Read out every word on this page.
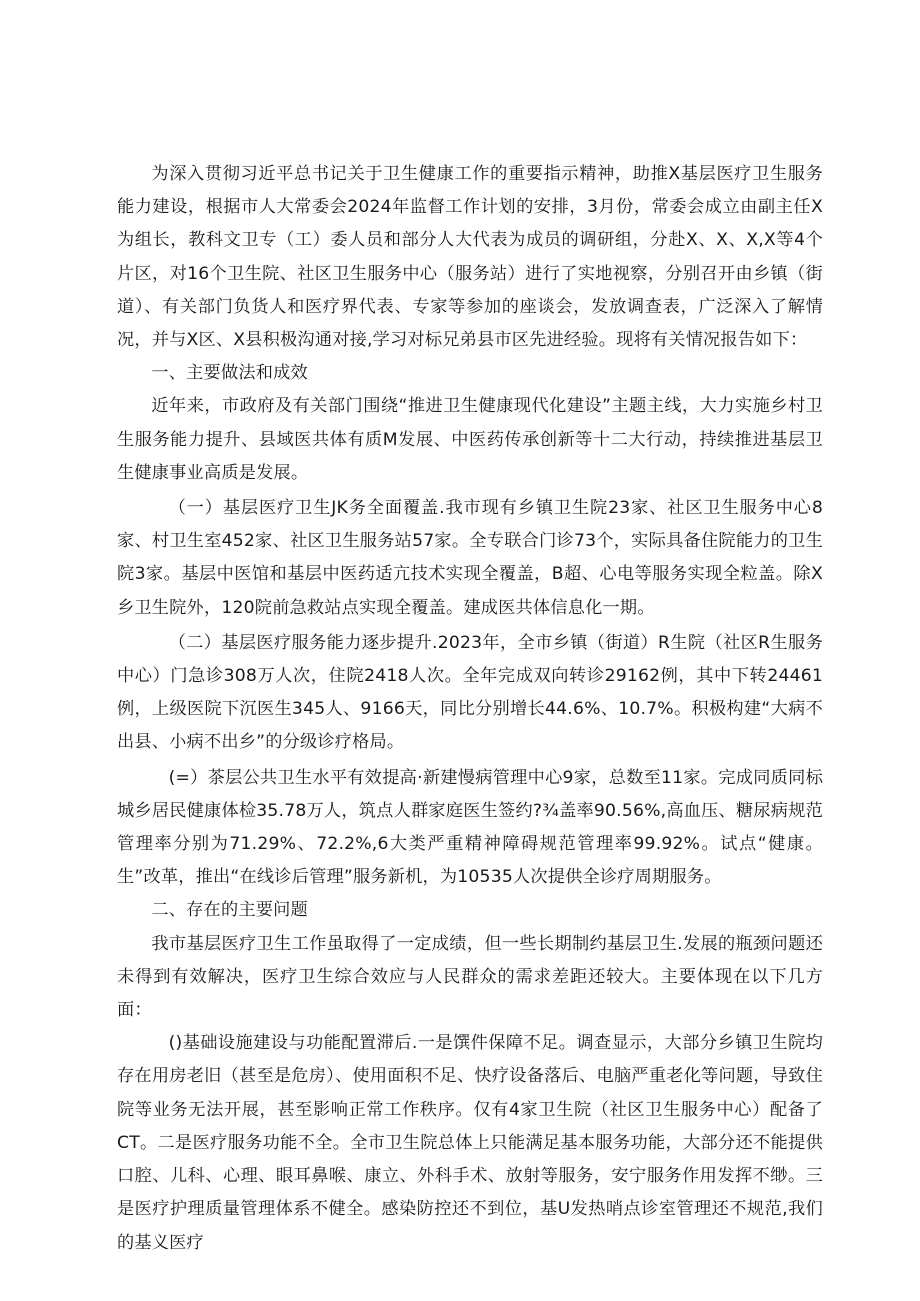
为深入贯彻习近平总书记关于卫生健康工作的重要指示精神，助推X基层医疗卫生服务能力建设，根据市人大常委会2024年监督工作计划的安排，3月份，常委会成立由副主任X为组长，教科文卫专（工）委人员和部分人大代表为成员的调研组，分赴X、X、X,X等4个片区，对16个卫生院、社区卫生服务中心（服务站）进行了实地视察，分别召开由乡镇（街道）、有关部门负货人和医疗界代表、专家等参加的座谈会，发放调查表，广泛深入了解情况，并与X区、X县积极沟通对接,学习对标兄弟县市区先进经验。现将有关情况报告如下：

一、主要做法和成效

近年来，市政府及有关部门围绕“推进卫生健康现代化建设”主题主线，大力实施乡村卫生服务能力提升、县域医共体有质M发展、中医药传承创新等十二大行动，持续推进基层卫生健康事业高质是发展。

（一）基层医疗卫生JK务全面覆盖.我市现有乡镇卫生院23家、社区卫生服务中心8家、村卫生室452家、社区卫生服务站57家。全专联合门诊73个，实际具备住院能力的卫生院3家。基层中医馆和基层中医药适亢技术实现全覆盖，B超、心电等服务实现全粒盖。除X乡卫生院外，120院前急救站点实现全覆盖。建成医共体信息化一期。

（二）基层医疗服务能力逐步提升.2023年，全市乡镇（街道）R生院（社区R生服务中心）门急诊308万人次，住院2418人次。全年完成双向转诊29162例，其中下转24461例，上级医院下沉医生345人、9166天，同比分别增长44.6%、10.7%。积极构建“大病不出县、小病不出乡”的分级诊疗格局。

(=）茶层公共卫生水平有效提高·新建慢病管理中心9家，总数至11家。完成同质同标城乡居民健康体检35.78万人，筑点人群家庭医生签约?¾盖率90.56%,高血压、糖尿病规范管理率分别为71.29%、72.2%,6大类严重精神障碍规范管理率99.92%。试点“健康。生”改革，推出“在线诊后管理”服务新机，为10535人次提供全诊疗周期服务。

二、存在的主要问题

我市基层医疗卫生工作虽取得了一定成绩，但一些长期制约基层卫生.发展的瓶颈问题还未得到有效解决，医疗卫生综合效应与人民群众的需求差距还较大。主要体现在以下几方面：

()基础设施建设与功能配置滞后.一是馔件保障不足。调查显示，大部分乡镇卫生院均存在用房老旧（甚至是危房）、使用面积不足、快疗设备落后、电脑严重老化等问题，导致住院等业务无法开展，甚至影响正常工作秩序。仅有4家卫生院（社区卫生服务中心）配备了CT。二是医疗服务功能不全。全市卫生院总体上只能满足基本服务功能，大部分还不能提供口腔、儿科、心理、眼耳鼻喉、康立、外科手术、放射等服务，安宁服务作用发挥不缈。三是医疗护理质量管理体系不健全。感染防控还不到位，基U发热哨点诊室管理还不规范,我们的基义医疗
